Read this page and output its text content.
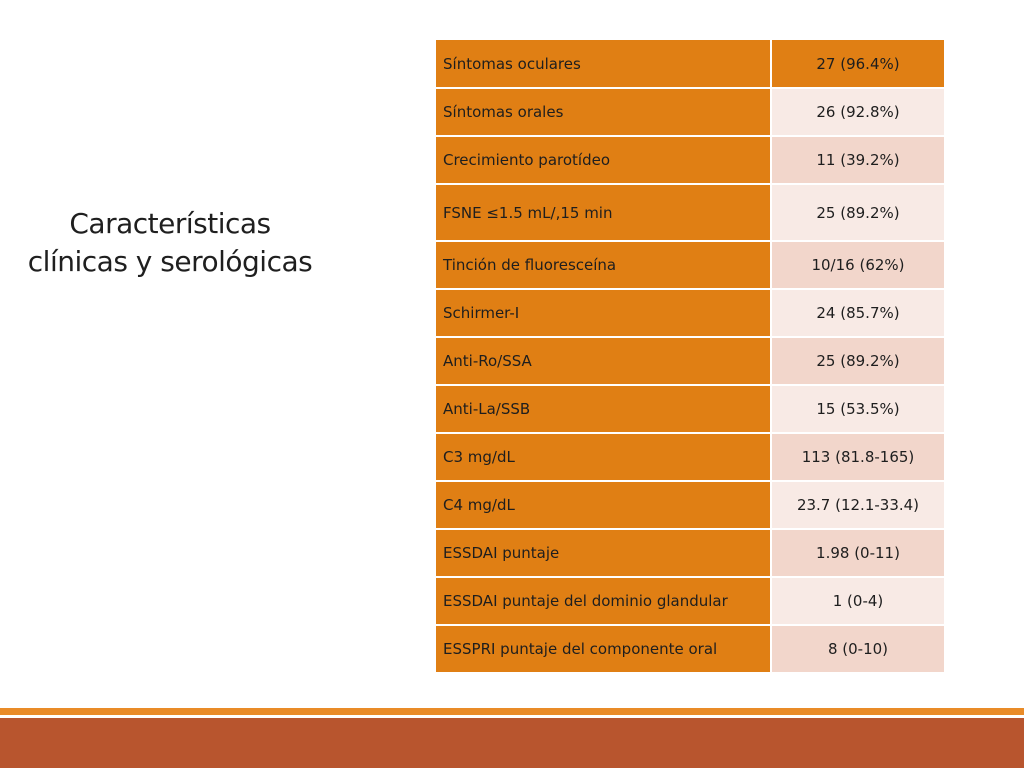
Características
clínicas y serológicas
Síntomas oculares	27 (96.4%)
Síntomas orales	26 (92.8%)
Crecimiento parotídeo	11 (39.2%)
FSNE ≤1.5 mL/,15 min	25 (89.2%)
Tinción de fluoresceína	10/16 (62%)
Schirmer-I	24 (85.7%)
Anti-Ro/SSA	25 (89.2%)
Anti-La/SSB	15 (53.5%)
C3 mg/dL	113 (81.8-165)
C4 mg/dL	23.7 (12.1-33.4)
ESSDAI puntaje	1.98 (0-11)
ESSDAI puntaje del dominio glandular	1 (0-4)
ESSPRI puntaje del componente oral	8 (0-10)
